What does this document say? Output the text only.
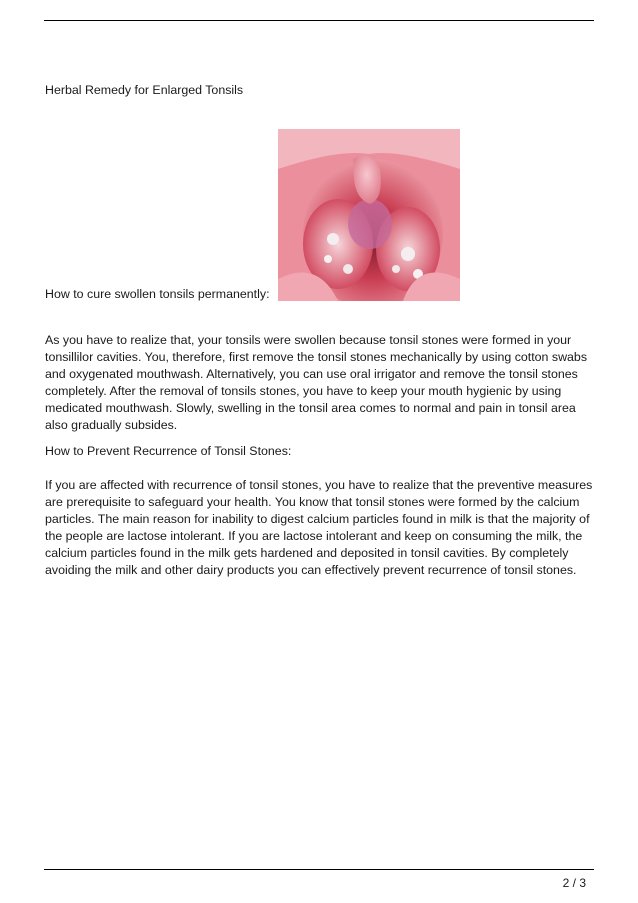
Herbal Remedy for Enlarged Tonsils
How to cure swollen tonsils permanently:
As you have to realize that, your tonsils were swollen because tonsil stones were formed in your tonsillilor cavities. You, therefore, first remove the tonsil stones mechanically by using cotton swabs and oxygenated mouthwash. Alternatively, you can use oral irrigator and remove the tonsil stones completely. After the removal of tonsils stones, you have to keep your mouth hygienic by using medicated mouthwash. Slowly, swelling in the tonsil area comes to normal and pain in tonsil area also gradually subsides.
How to Prevent Recurrence of Tonsil Stones:
If you are affected with recurrence of tonsil stones, you have to realize that the preventive measures are prerequisite to safeguard your health. You know that tonsil stones were formed by the calcium particles. The main reason for inability to digest calcium particles found in milk is that the majority of the people are lactose intolerant. If you are lactose intolerant and keep on consuming the milk, the calcium particles found in the milk gets hardened and deposited in tonsil cavities. By completely avoiding the milk and other dairy products you can effectively prevent recurrence of tonsil stones.
2 / 3
